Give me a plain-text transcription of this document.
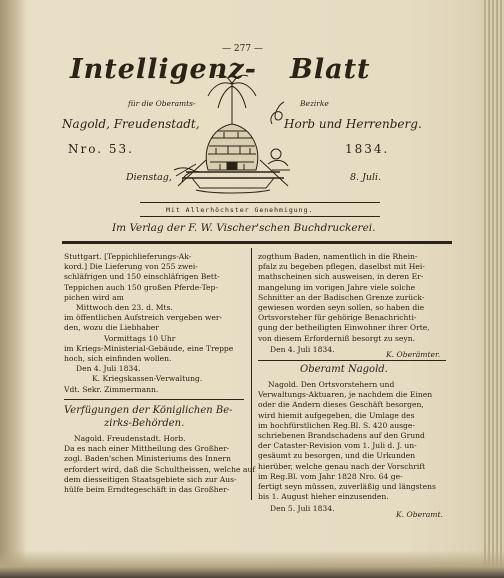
— 277 —
Intelligenz- Blatt
für die Oberamts-	Bezirke
Nagold, Freudenstadt,	Horb und Herrenberg.
Nro. 53.	1834.
Dienstag,	8. Juli.
Mit Allerhöchster Genehmigung.
Im Verlag der F. W. Vischer'schen Buchdruckerei.
Stuttgart. [Teppichlieferungs-Ak-
kord.] Die Lieferung von 255 zwei-
schläfrigen und 150 einschläfrigen Bett-
Teppichen auch 150 großen Pferde-Tep-
pichen wird am
Mittwoch den 23. d. Mts.
im öffentlichen Aufstreich vergeben wer-
den, wozu die Liebhaber
Vormittags 10 Uhr
im Kriegs-Ministerial-Gebäude, eine Treppe
hoch, sich einfinden wollen.
Den 4. Juli 1834.
K. Kriegskassen-Verwaltung.
Vdt. Sekr. Zimmermann.
Verfügungen der Königlichen Be-
zirks-Behörden.
Nagold. Freudenstadt. Horb.
Da es nach einer Mittheilung des Großher-
zogl. Baden'schen Ministeriums des Innern
erfordert wird, daß die Schultheissen, welche auf
dem diesseitigen Staatsgebiete sich zur Aus-
hülfe beim Erndtegeschäft in das Großher-
zogthum Baden, namentlich in die Rhein-
pfalz zu begeben pflegen, daselbst mit Hei-
mathscheinen sich ausweisen, in deren Er-
mangelung im vorigen Jahre viele solche
Schnitter an der Badischen Grenze zurück-
gewiesen worden seyn sollen, so haben die
Ortsvorsteher für gehörige Benachrichti-
gung der betheiligten Einwohner ihrer Orte,
von diesem Erforderniß besorgt zu seyn.
Den 4. Juli 1834.
K. Oberämter.
Oberamt Nagold.
Nagold. Den Ortsvorstehern und
Verwaltungs-Aktuaren, je nachdem die Einen
oder die Andern dieses Geschäft besorgen,
wird hiemit aufgegeben, die Umlage des
im hochfürstlichen Reg.Bl. S. 420 ausge-
schriebenen Brandschadens auf den Grund
der Cataster-Revision vom 1. Juli d. J. un-
gesäumt zu besorgen, und die Urkunden
hierüber, welche genau nach der Vorschrift
im Reg.Bl. vom Jahr 1828 Nro. 64 ge-
fertigt seyn müssen, zuverläßig und längstens
bis 1. August hieher einzusenden.
Den 5. Juli 1834.
K. Oberamt.
